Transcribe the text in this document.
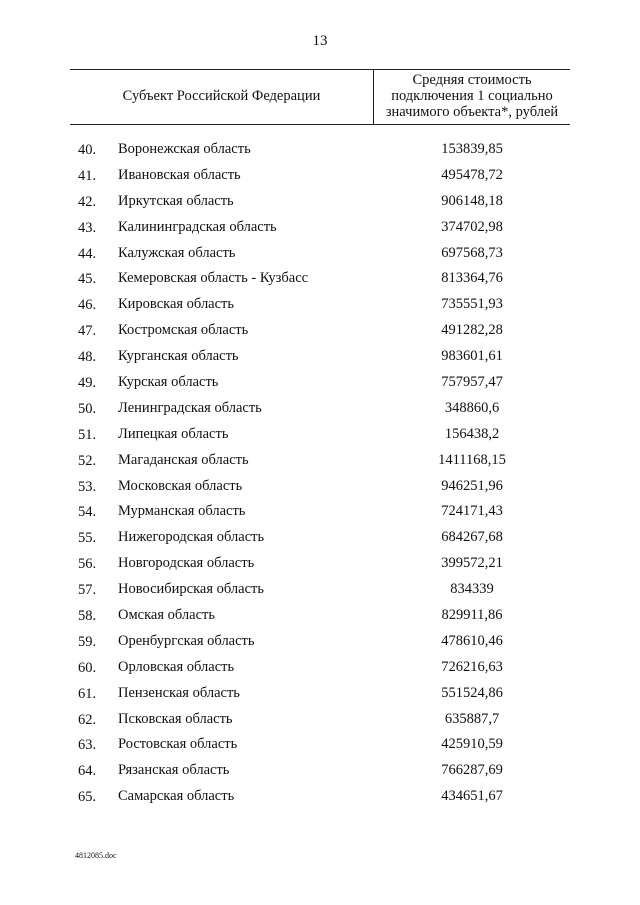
13
Субъект Российской Федерации
Средняя стоимость
подключения 1 социально
значимого объекта*, рублей
40.	Воронежская область	153839,85
41.	Ивановская область	495478,72
42.	Иркутская область	906148,18
43.	Калининградская область	374702,98
44.	Калужская область	697568,73
45.	Кемеровская область - Кузбасс	813364,76
46.	Кировская область	735551,93
47.	Костромская область	491282,28
48.	Курганская область	983601,61
49.	Курская область	757957,47
50.	Ленинградская область	348860,6
51.	Липецкая область	156438,2
52.	Магаданская область	1411168,15
53.	Московская область	946251,96
54.	Мурманская область	724171,43
55.	Нижегородская область	684267,68
56.	Новгородская область	399572,21
57.	Новосибирская область	834339
58.	Омская область	829911,86
59.	Оренбургская область	478610,46
60.	Орловская область	726216,63
61.	Пензенская область	551524,86
62.	Псковская область	635887,7
63.	Ростовская область	425910,59
64.	Рязанская область	766287,69
65.	Самарская область	434651,67
4812085.doc
